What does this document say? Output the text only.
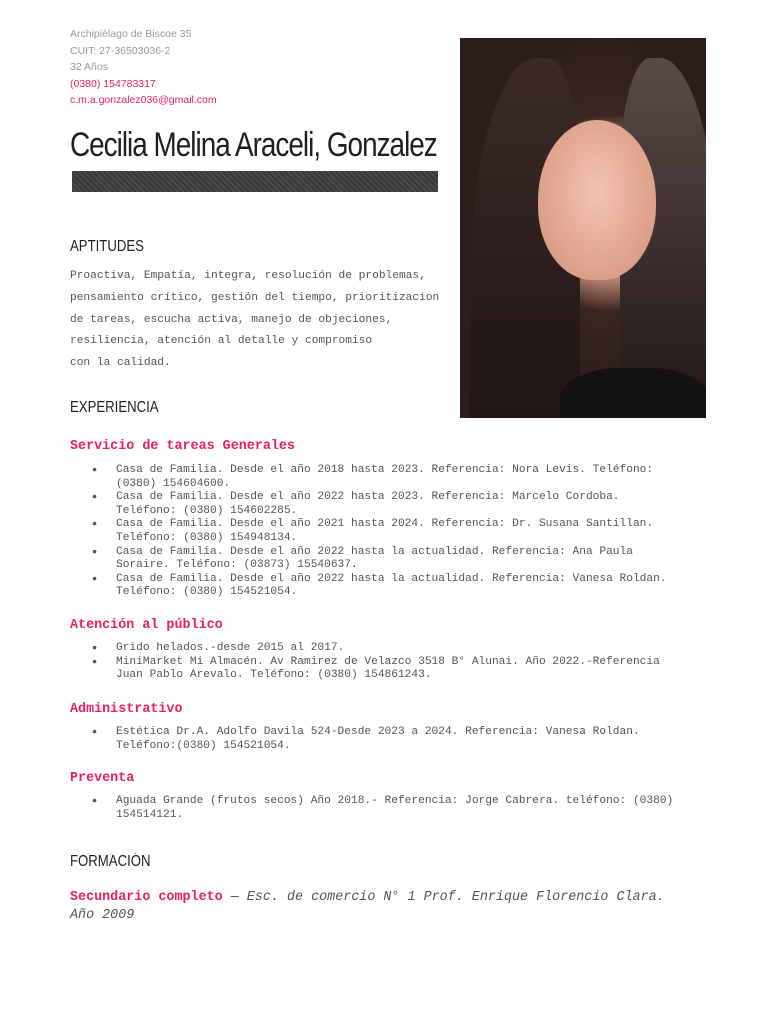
Archipiélago de Biscoe 35
CUIT: 27-36503036-2
32 Años
(0380) 154783317
c.m.a.gonzalez036@gmail.com
Cecilia Melina Araceli, Gonzalez
APTITUDES
Proactiva, Empatía, integra, resolución de problemas,
pensamiento crítico, gestión del tiempo, prioritizacion
de tareas, escucha activa, manejo de objeciones,
resiliencia, atención al detalle y compromiso
con la calidad.
EXPERIENCIA
Servicio de tareas Generales
● Casa de Familia. Desde el año 2018 hasta 2023. Referencia: Nora Levis. Teléfono: (0380) 154604600.
● Casa de Familia. Desde el año 2022 hasta 2023. Referencia: Marcelo Cordoba. Teléfono: (0380) 154602285.
● Casa de Familia. Desde el año 2021 hasta 2024. Referencia: Dr. Susana Santillan. Teléfono: (0380) 154948134.
● Casa de Familia. Desde el año 2022 hasta la actualidad. Referencia: Ana Paula Soraire. Teléfono: (03873) 15540637.
● Casa de Familia. Desde el año 2022 hasta la actualidad. Referencia: Vanesa Roldan. Teléfono: (0380) 154521054.
Atención al público
● Grido helados.-desde 2015 al 2017.
● MiniMarket Mi Almacén. Av Ramirez de Velazco 3518 B° Alunai. Año 2022.-Referencia Juan Pablo Arevalo. Teléfono: (0380) 154861243.
Administrativo
● Estética Dr.A. Adolfo Davila 524-Desde 2023 a 2024. Referencia: Vanesa Roldan. Teléfono:(0380) 154521054.
Preventa
● Aguada Grande (frutos secos) Año 2018.- Referencia: Jorge Cabrera. teléfono: (0380) 154514121.
FORMACIÓN
Secundario completo — Esc. de comercio N° 1 Prof. Enrique Florencio Clara. Año 2009
